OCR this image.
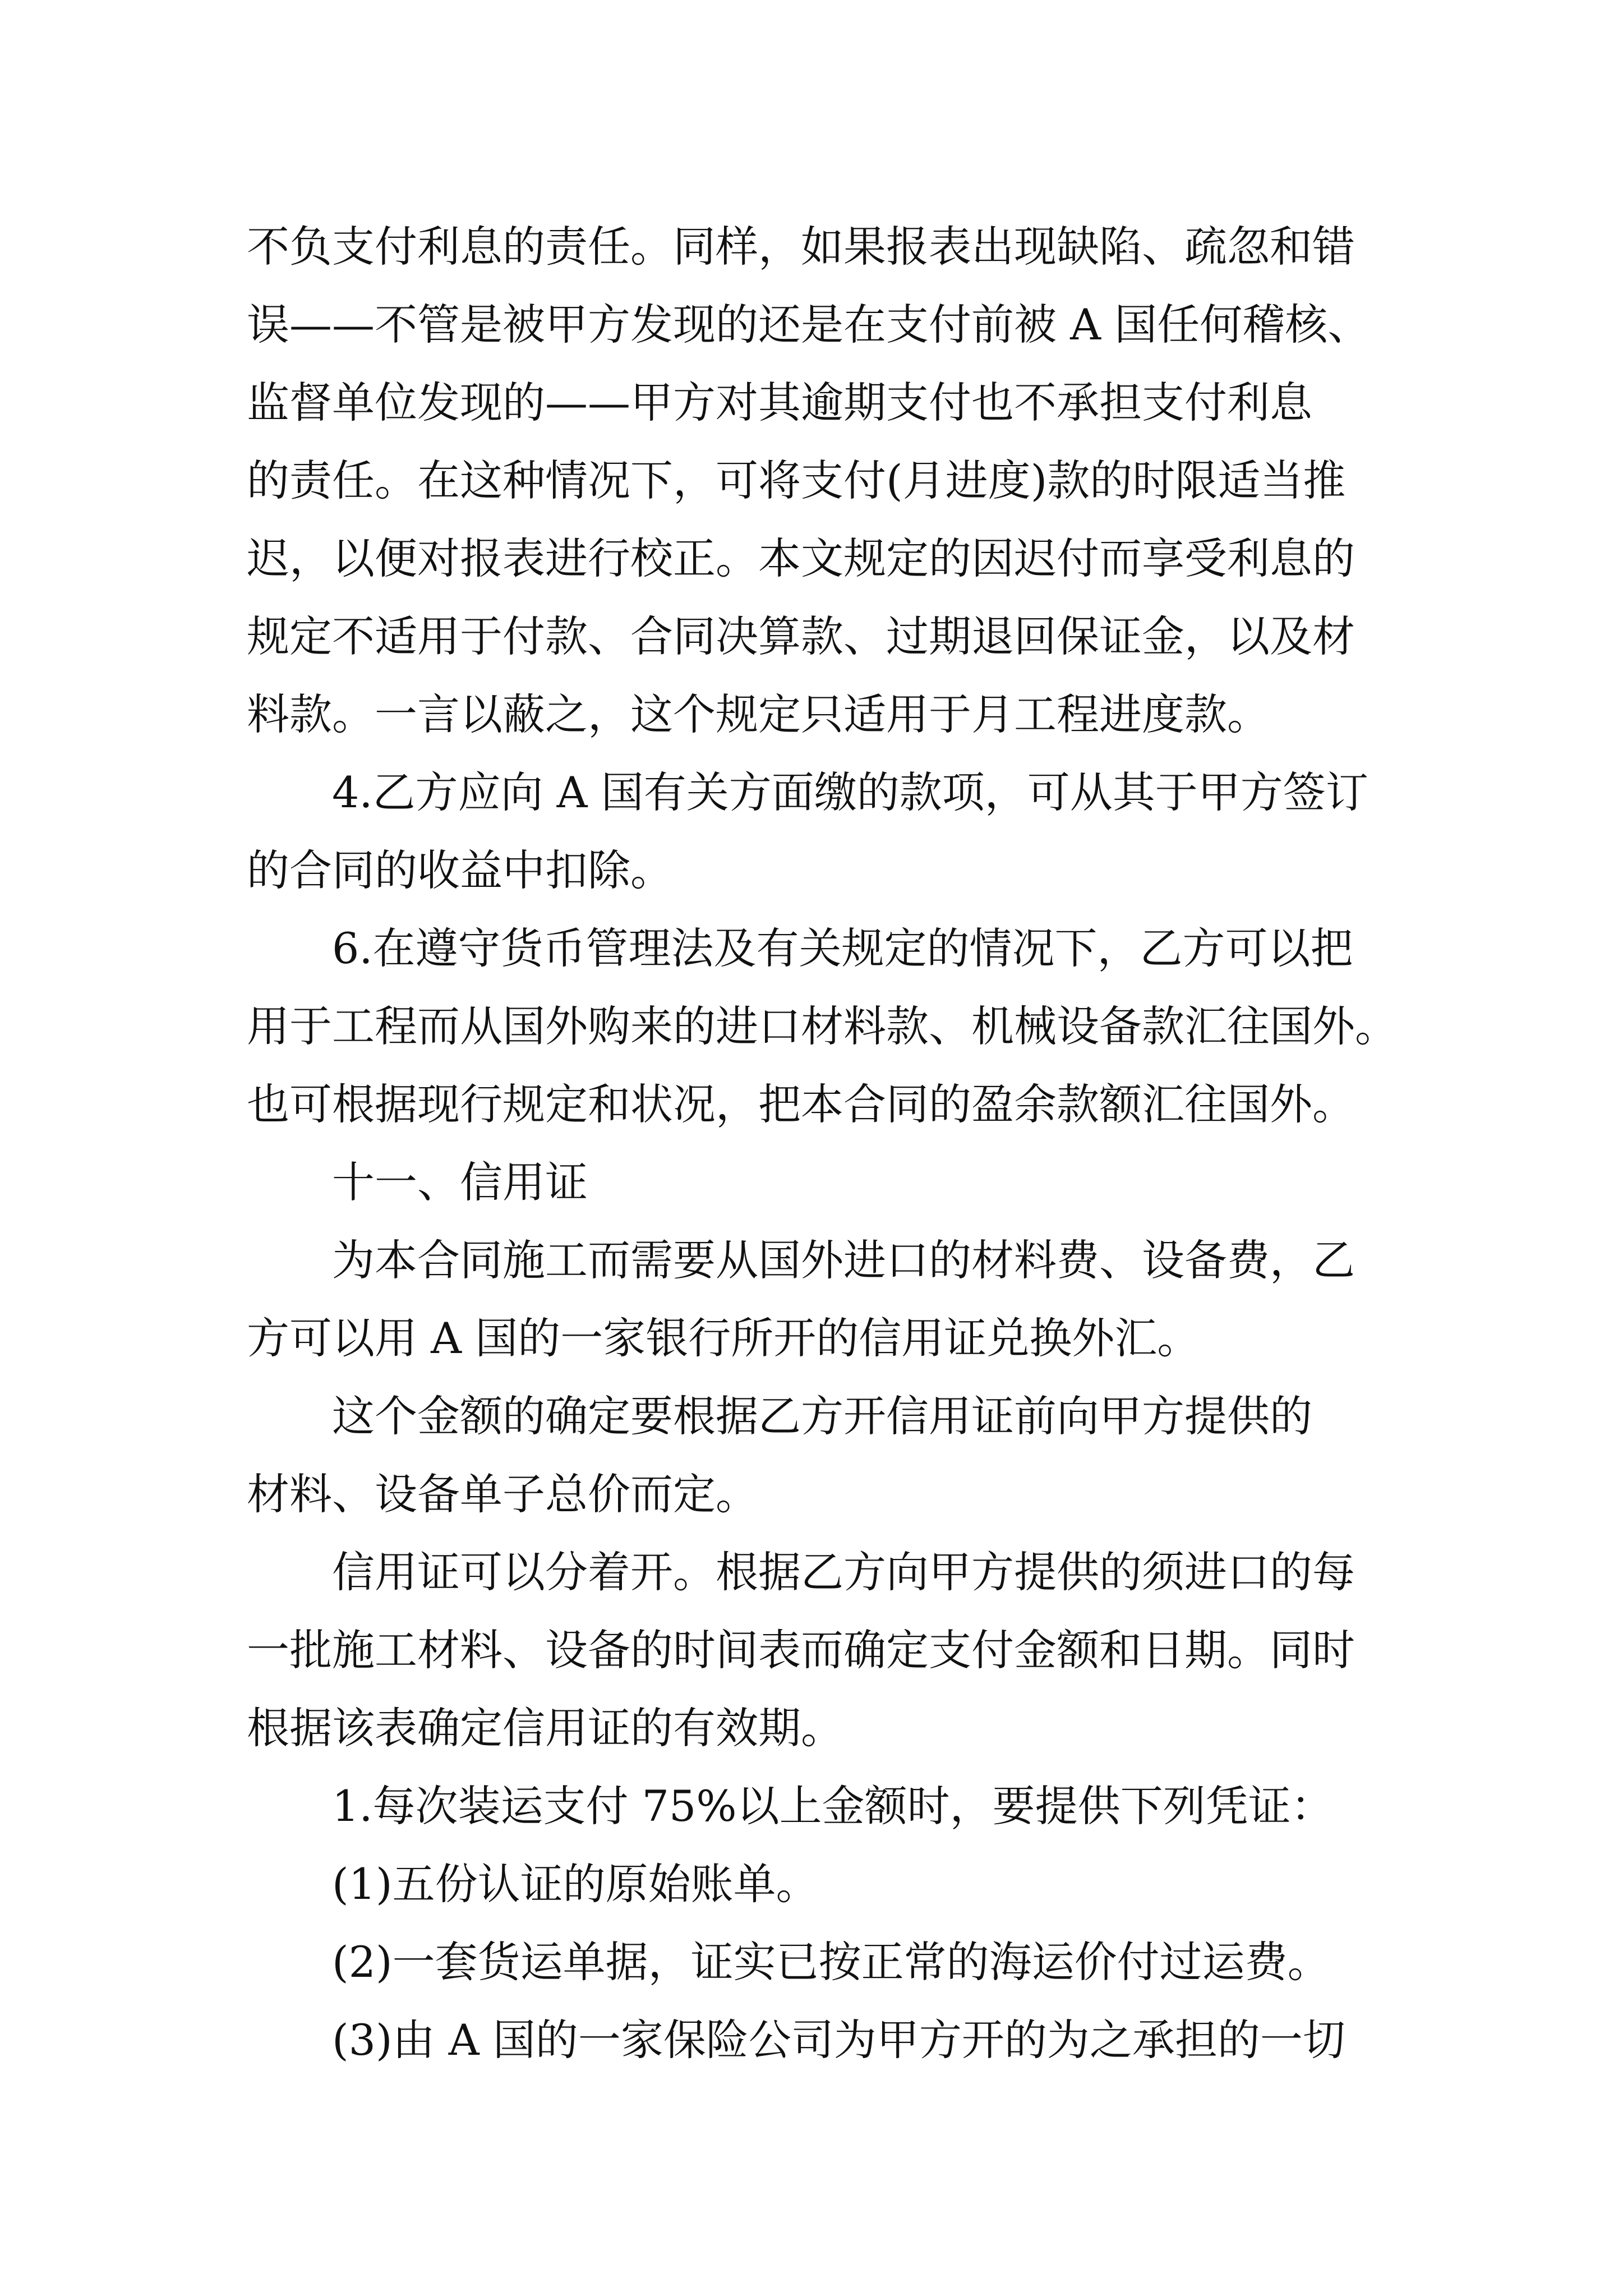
不负支付利息的责任。同样，如果报表出现缺陷、疏忽和错
误——不管是被甲方发现的还是在支付前被 A 国任何稽核、
监督单位发现的——甲方对其逾期支付也不承担支付利息
的责任。在这种情况下，可将支付(月进度)款的时限适当推
迟，以便对报表进行校正。本文规定的因迟付而享受利息的
规定不适用于付款、合同决算款、过期退回保证金，以及材
料款。一言以蔽之，这个规定只适用于月工程进度款。
4.乙方应向 A 国有关方面缴的款项，可从其于甲方签订
的合同的收益中扣除。
6.在遵守货币管理法及有关规定的情况下，乙方可以把
用于工程而从国外购来的进口材料款、机械设备款汇往国外。
也可根据现行规定和状况，把本合同的盈余款额汇往国外。
十一、信用证
为本合同施工而需要从国外进口的材料费、设备费，乙
方可以用 A 国的一家银行所开的信用证兑换外汇。
这个金额的确定要根据乙方开信用证前向甲方提供的
材料、设备单子总价而定。
信用证可以分着开。根据乙方向甲方提供的须进口的每
一批施工材料、设备的时间表而确定支付金额和日期。同时
根据该表确定信用证的有效期。
1.每次装运支付 75%以上金额时，要提供下列凭证：
(1)五份认证的原始账单。
(2)一套货运单据，证实已按正常的海运价付过运费。
(3)由 A 国的一家保险公司为甲方开的为之承担的一切
